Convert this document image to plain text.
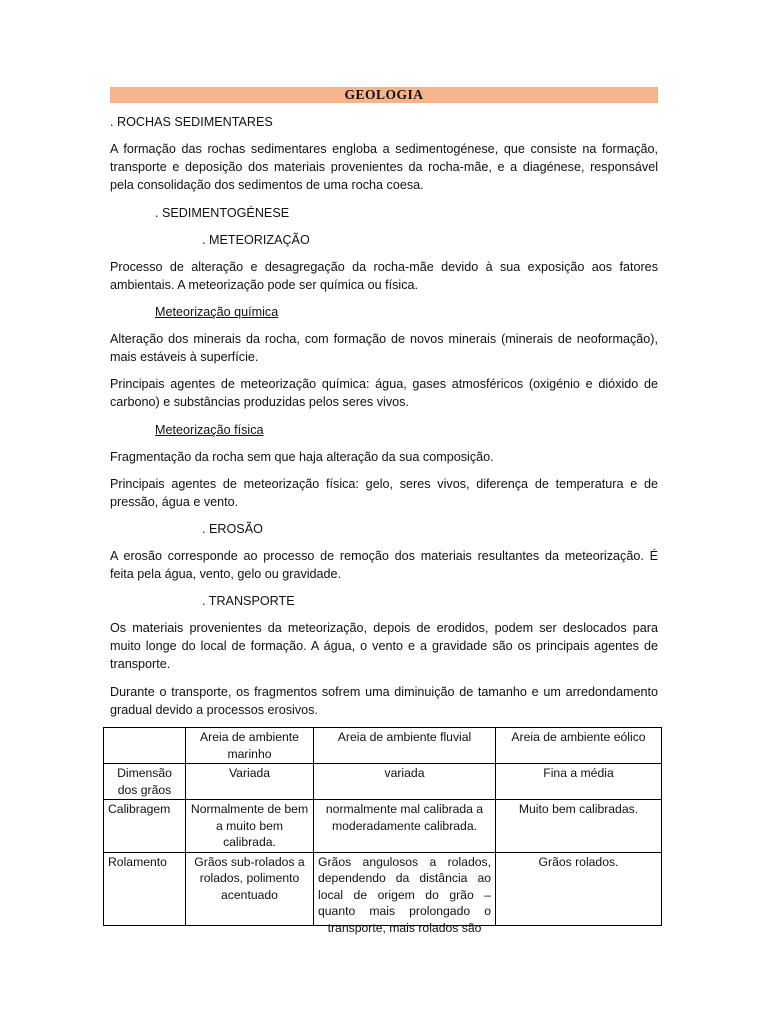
GEOLOGIA

. ROCHAS SEDIMENTARES

A formação das rochas sedimentares engloba a sedimentogénese, que consiste na formação, transporte e deposição dos materiais provenientes da rocha-mãe, e a diagénese, responsável pela consolidação dos sedimentos de uma rocha coesa.

. SEDIMENTOGÉNESE

. METEORIZAÇÃO

Processo de alteração e desagregação da rocha-mãe devido à sua exposição aos fatores ambientais. A meteorização pode ser química ou física.

Meteorização química

Alteração dos minerais da rocha, com formação de novos minerais (minerais de neoformação), mais estáveis à superfície.

Principais agentes de meteorização química: água, gases atmosféricos (oxigénio e dióxido de carbono) e substâncias produzidas pelos seres vivos.

Meteorização física

Fragmentação da rocha sem que haja alteração da sua composição.

Principais agentes de meteorização física: gelo, seres vivos, diferença de temperatura e de pressão, água e vento.

. EROSÃO

A erosão corresponde ao processo de remoção dos materiais resultantes da meteorização. É feita pela água, vento, gelo ou gravidade.

. TRANSPORTE

Os materiais provenientes da meteorização, depois de erodidos, podem ser deslocados para muito longe do local de formação. A água, o vento e a gravidade são os principais agentes de transporte.

Durante o transporte, os fragmentos sofrem uma diminuição de tamanho e um arredondamento gradual devido a processos erosivos.

	Areia de ambiente marinho	Areia de ambiente fluvial	Areia de ambiente eólico
Dimensão dos grãos	Variada	variada	Fina a média
Calibragem	Normalmente de bem a muito bem calibrada.	normalmente mal calibrada a moderadamente calibrada.	Muito bem calibradas.
Rolamento	Grãos sub-rolados a rolados, polimento acentuado	Grãos angulosos a rolados, dependendo da distância ao local de origem do grão – quanto mais prolongado o transporte, mais rolados são	Grãos rolados.
